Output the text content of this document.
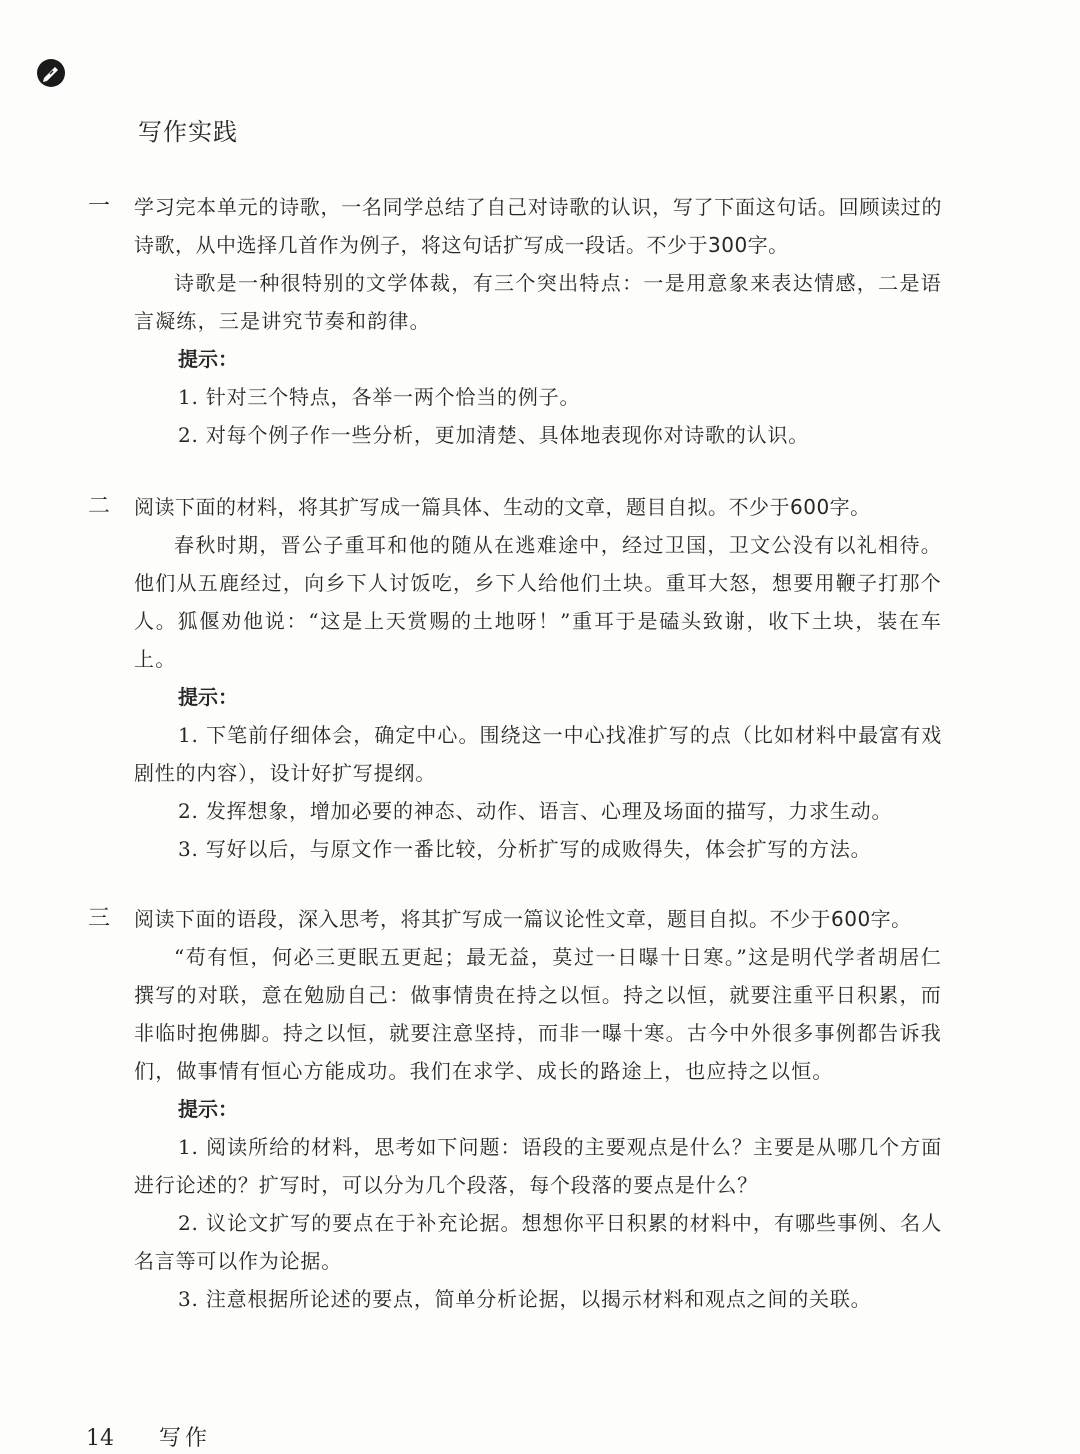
写作实践
一 学习完本单元的诗歌，一名同学总结了自己对诗歌的认识，写了下面这句话。回顾读过的诗歌，从中选择几首作为例子，将这句话扩写成一段话。不少于300字。

诗歌是一种很特别的文学体裁，有三个突出特点：一是用意象来表达情感，二是语言凝练，三是讲究节奏和韵律。

提示：

1. 针对三个特点，各举一两个恰当的例子。

2. 对每个例子作一些分析，更加清楚、具体地表现你对诗歌的认识。

二 阅读下面的材料，将其扩写成一篇具体、生动的文章，题目自拟。不少于600字。

春秋时期，晋公子重耳和他的随从在逃难途中，经过卫国，卫文公没有以礼相待。他们从五鹿经过，向乡下人讨饭吃，乡下人给他们土块。重耳大怒，想要用鞭子打那个人。狐偃劝他说：“这是上天赏赐的土地呀！”重耳于是磕头致谢，收下土块，装在车上。

提示：

1. 下笔前仔细体会，确定中心。围绕这一中心找准扩写的点（比如材料中最富有戏剧性的内容），设计好扩写提纲。

2. 发挥想象，增加必要的神态、动作、语言、心理及场面的描写，力求生动。

3. 写好以后，与原文作一番比较，分析扩写的成败得失，体会扩写的方法。

三 阅读下面的语段，深入思考，将其扩写成一篇议论性文章，题目自拟。不少于600字。

“苟有恒，何必三更眠五更起；最无益，莫过一日曝十日寒。”这是明代学者胡居仁撰写的对联，意在勉励自己：做事情贵在持之以恒。持之以恒，就要注重平日积累，而非临时抱佛脚。持之以恒，就要注意坚持，而非一曝十寒。古今中外很多事例都告诉我们，做事情有恒心方能成功。我们在求学、成长的路途上，也应持之以恒。

提示：

1. 阅读所给的材料，思考如下问题：语段的主要观点是什么？主要是从哪几个方面进行论述的？扩写时，可以分为几个段落，每个段落的要点是什么？

2. 议论文扩写的要点在于补充论据。想想你平日积累的材料中，有哪些事例、名人名言等可以作为论据。

3. 注意根据所论述的要点，简单分析论据，以揭示材料和观点之间的关联。

14 写作
